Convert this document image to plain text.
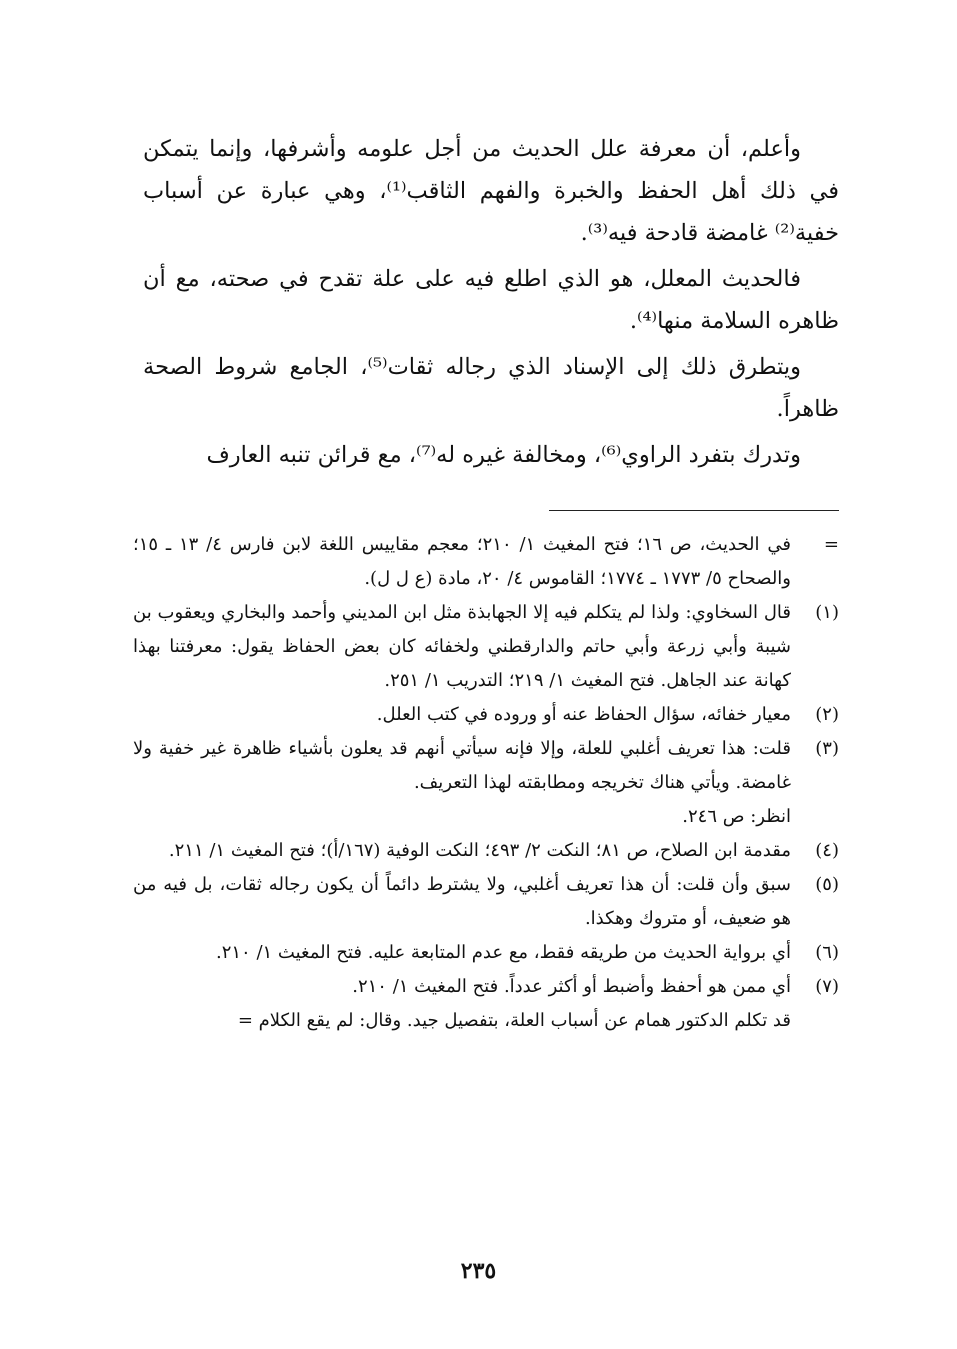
وأعلم، أن معرفة علل الحديث من أجل علومه وأشرفها، وإنما يتمكن في ذلك أهل الحفظ والخبرة والفهم الثاقب⁽¹⁾، وهي عبارة عن أسباب خفية⁽²⁾ غامضة قادحة فيه⁽³⁾.

فالحديث المعلل، هو الذي اطلع فيه على علة تقدح في صحته، مع أن ظاهره السلامة منها⁽⁴⁾.

ويتطرق ذلك إلى الإسناد الذي رجاله ثقات⁽⁵⁾، الجامع شروط الصحة ظاهراً.

وتدرك بتفرد الراوي⁽⁶⁾، ومخالفة غيره له⁽⁷⁾، مع قرائن تنبه العارف

=
في الحديث، ص ١٦؛ فتح المغيث ١/ ٢١٠؛ معجم مقاييس اللغة لابن فارس ٤/ ١٣ ـ ١٥؛ والصحاح ٥/ ١٧٧٣ ـ ١٧٧٤؛ القاموس ٤/ ٢٠، مادة (ع ل ل).
(١)
قال السخاوي: ولذا لم يتكلم فيه إلا الجهابذة مثل ابن المديني وأحمد والبخاري ويعقوب بن شيبة وأبي زرعة وأبي حاتم والدارقطني ولخفائه كان بعض الحفاظ يقول: معرفتنا بهذا كهانة عند الجاهل. فتح المغيث ١/ ٢١٩؛ التدريب ١/ ٢٥١.
(٢)
معيار خفائه، سؤال الحفاظ عنه أو وروده في كتب العلل.
(٣)
قلت: هذا تعريف أغلبي للعلة، وإلا فإنه سيأتي أنهم قد يعلون بأشياء ظاهرة غير خفية ولا غامضة. ويأتي هناك تخريجه ومطابقته لهذا التعريف.
انظر: ص ٢٤٦.
(٤)
مقدمة ابن الصلاح، ص ٨١؛ النكت ٢/ ٤٩٣؛ النكت الوفية (١٦٧/أ)؛ فتح المغيث ١/ ٢١١.
(٥)
سبق وأن قلت: أن هذا تعريف أغلبي، ولا يشترط دائماً أن يكون رجاله ثقات، بل فيه من هو ضعيف، أو متروك وهكذا.
(٦)
أي برواية الحديث من طريقه فقط، مع عدم المتابعة عليه. فتح المغيث ١/ ٢١٠.
(٧)
أي ممن هو أحفظ وأضبط أو أكثر عدداً. فتح المغيث ١/ ٢١٠.
قد تكلم الدكتور همام عن أسباب العلة، بتفصيل جيد. وقال: لم يقع الكلام =
٢٣٥
